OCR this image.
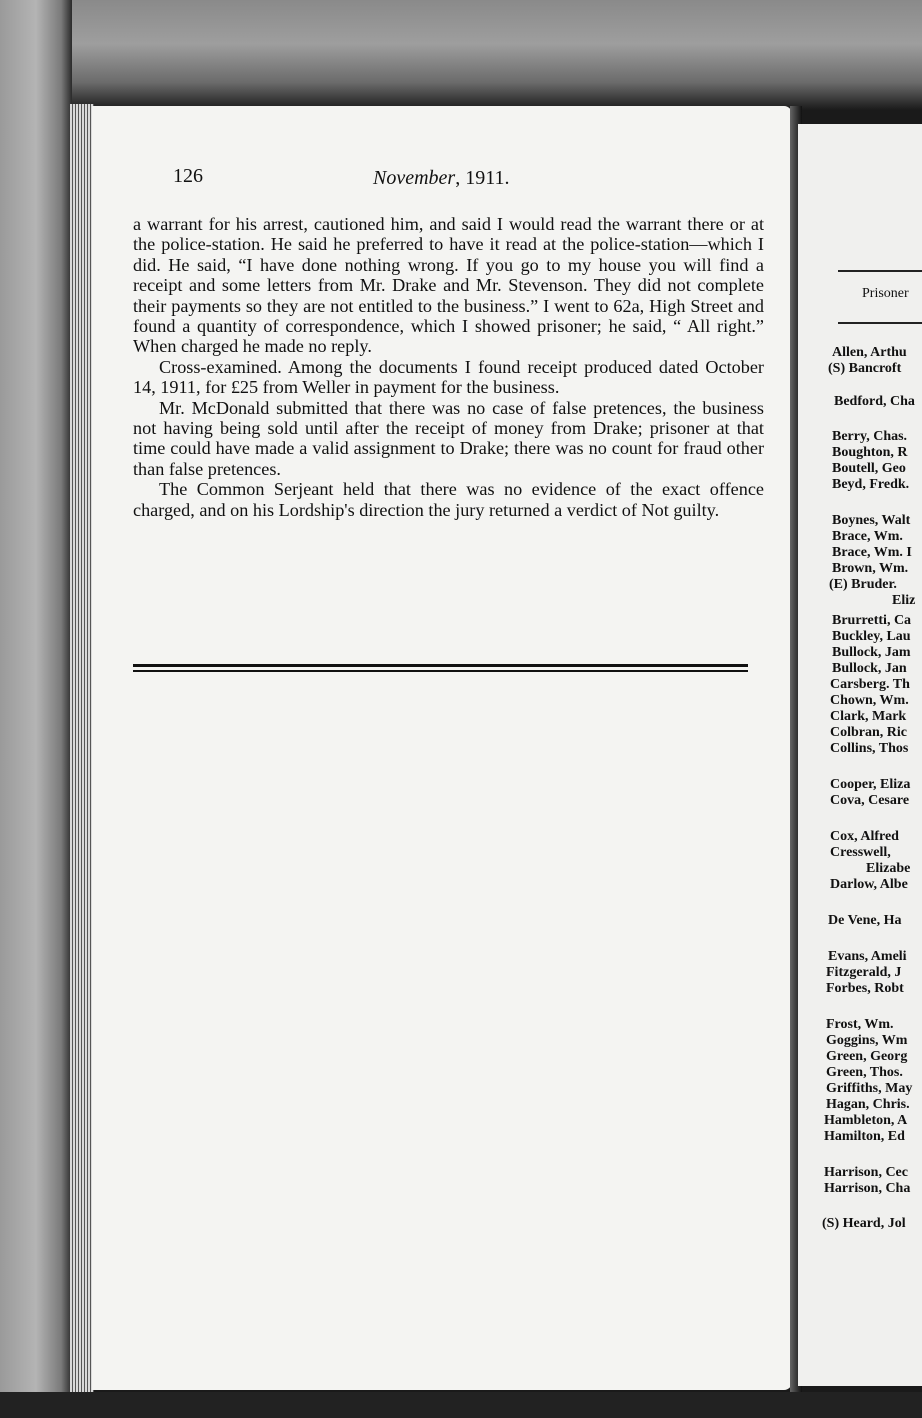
126	November, 1911.

a warrant for his arrest, cautioned him, and said I would read the warrant there or at the police-station. He said he preferred to have it read at the police-station—which I did. He said, “I have done nothing wrong. If you go to my house you will find a receipt and some letters from Mr. Drake and Mr. Stevenson. They did not complete their payments so they are not entitled to the business.” I went to 62a, High Street and found a quantity of correspondence, which I showed prisoner; he said, “ All right.” When charged he made no reply.

Cross-examined. Among the documents I found receipt produced dated October 14, 1911, for £25 from Weller in payment for the business.

Mr. McDonald submitted that there was no case of false pretences, the business not having being sold until after the receipt of money from Drake; prisoner at that time could have made a valid assignment to Drake; there was no count for fraud other than false pretences.

The Common Serjeant held that there was no evidence of the exact offence charged, and on his Lordship's direction the jury returned a verdict of Not guilty.

Prisoner
Allen, Arthu
(S) Bancroft
Bedford, Cha
Berry, Chas.
Boughton, R
Boutell, Geo
Beyd, Fredk.
Boynes, Walt
Brace, Wm.
Brace, Wm. I
Brown, Wm.
(E) Bruder.
Eliz
Brurretti, Ca
Buckley, Lau
Bullock, Jam
Bullock, Jan
Carsberg. Th
Chown, Wm.
Clark, Mark
Colbran, Ric
Collins, Thos
Cooper, Eliza
Cova, Cesare
Cox, Alfred
Cresswell,
Elizabe
Darlow, Albe
De Vene, Ha
Evans, Ameli
Fitzgerald, J
Forbes, Robt
Frost, Wm.
Goggins, Wm
Green, Georg
Green, Thos.
Griffiths, May
Hagan, Chris.
Hambleton, A
Hamilton, Ed
Harrison, Cec
Harrison, Cha
(S) Heard, Jol
